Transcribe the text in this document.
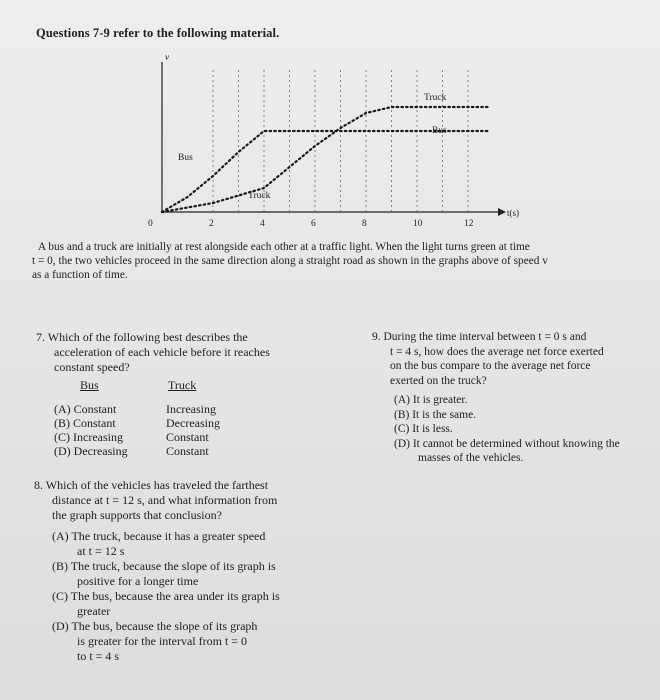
Questions 7-9 refer to the following material.
v
t(s)
0	2	4	6	8	10	12
Bus
Truck
Truck
Bus
A bus and a truck are initially at rest alongside each other at a traffic light. When the light turns green at time
t = 0, the two vehicles proceed in the same direction along a straight road as shown in the graphs above of speed v
as a function of time.
7. Which of the following best describes the
acceleration of each vehicle before it reaches
constant speed?
Bus	Truck
(A) Constant	Increasing
(B) Constant	Decreasing
(C) Increasing	Constant
(D) Decreasing	Constant
9. During the time interval between t = 0 s and
t = 4 s, how does the average net force exerted
on the bus compare to the average net force
exerted on the truck?
(A) It is greater.
(B) It is the same.
(C) It is less.
(D) It cannot be determined without knowing the
masses of the vehicles.
8. Which of the vehicles has traveled the farthest
distance at t = 12 s, and what information from
the graph supports that conclusion?
(A) The truck, because it has a greater speed
at t = 12 s
(B) The truck, because the slope of its graph is
positive for a longer time
(C) The bus, because the area under its graph is
greater
(D) The bus, because the slope of its graph
is greater for the interval from t = 0
to t = 4 s
